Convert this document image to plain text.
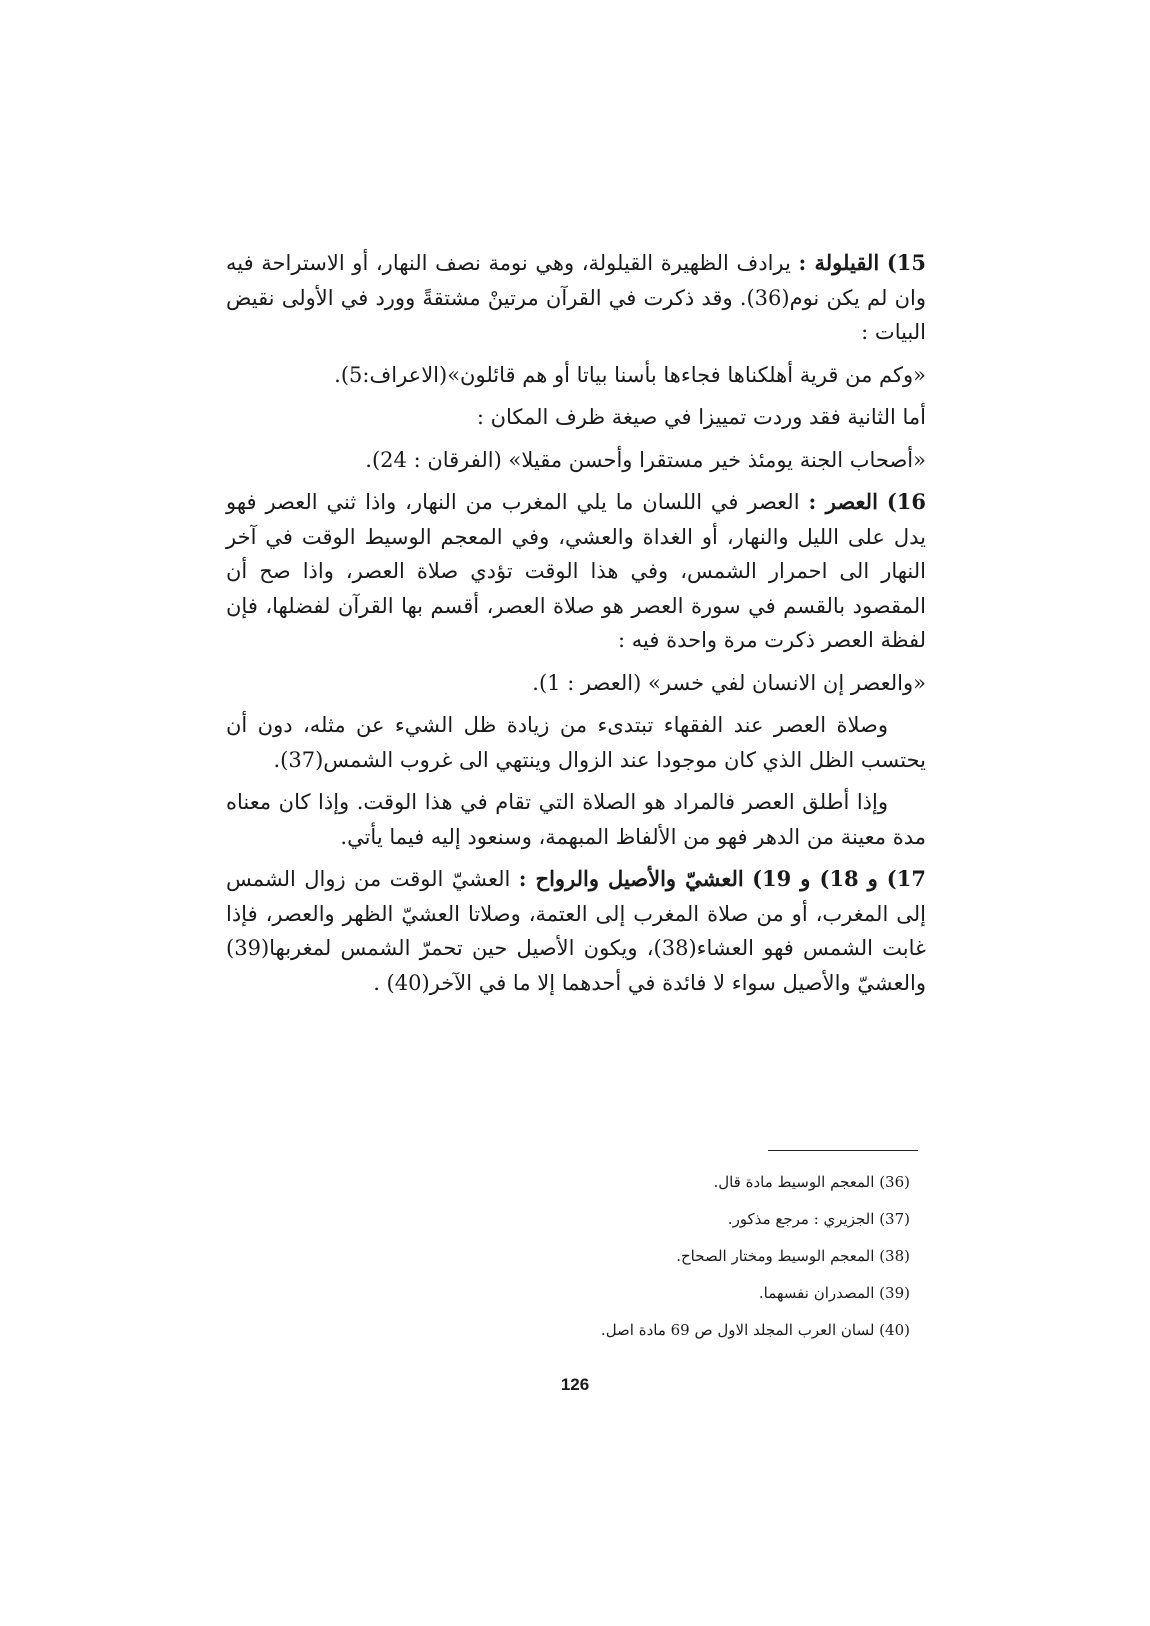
15) القيلولة : يرادف الظهيرة القيلولة، وهي نومة نصف النهار، أو الاستراحة فيه وان لم يكن نوم(36). وقد ذكرت في القرآن مرتينْ مشتقةً وورد في الأولى نقيض البيات :

«وكم من قرية أهلكناها فجاءها بأسنا بياتا أو هم قائلون»(الاعراف:5).

أما الثانية فقد وردت تمييزا في صيغة ظرف المكان :

«أصحاب الجنة يومئذ خير مستقرا وأحسن مقيلا» (الفرقان : 24).

16) العصر : العصر في اللسان ما يلي المغرب من النهار، واذا ثني العصر فهو يدل على الليل والنهار، أو الغداة والعشي، وفي المعجم الوسيط الوقت في آخر النهار الى احمرار الشمس، وفي هذا الوقت تؤدي صلاة العصر، واذا صح أن المقصود بالقسم في سورة العصر هو صلاة العصر، أقسم بها القرآن لفضلها، فإن لفظة العصر ذكرت مرة واحدة فيه :

«والعصر إن الانسان لفي خسر» (العصر : 1).

وصلاة العصر عند الفقهاء تبتدىء من زيادة ظل الشيء عن مثله، دون أن يحتسب الظل الذي كان موجودا عند الزوال وينتهي الى غروب الشمس(37).

وإذا أطلق العصر فالمراد هو الصلاة التي تقام في هذا الوقت. وإذا كان معناه مدة معينة من الدهر فهو من الألفاظ المبهمة، وسنعود إليه فيما يأتي.

17) و 18) و 19) العشيّ والأصيل والرواح : العشيّ الوقت من زوال الشمس إلى المغرب، أو من صلاة المغرب إلى العتمة، وصلاتا العشيّ الظهر والعصر، فإذا غابت الشمس فهو العشاء(38)، ويكون الأصيل حين تحمرّ الشمس لمغربها(39) والعشيّ والأصيل سواء لا فائدة في أحدهما إلا ما في الآخر(40) .

(36) المعجم الوسيط مادة قال.
(37) الجزيري : مرجع مذكور.
(38) المعجم الوسيط ومختار الصحاح.
(39) المصدران نفسهما.
(40) لسان العرب المجلد الاول ص 69 مادة اصل.
126
